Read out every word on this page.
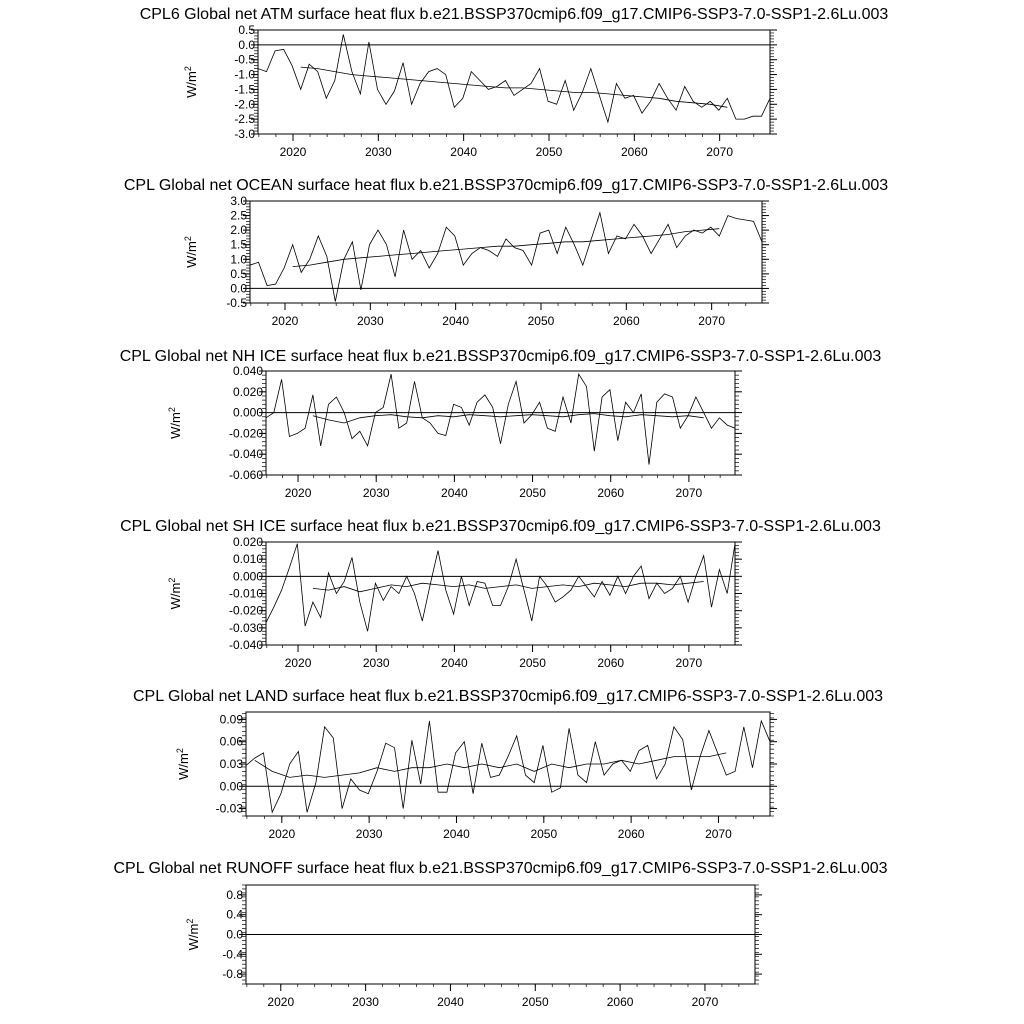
CPL6 Global net ATM surface heat flux b.e21.BSSP370cmip6.f09_g17.CMIP6-SSP3-7.0-SSP1-2.6Lu.003
0.5
0.0
-0.5
-1.0
-1.5
-2.0
-2.5
-3.0
2020	2030	2040	2050	2060	2070
$W/m^2$
CPL Global net OCEAN surface heat flux b.e21.BSSP370cmip6.f09_g17.CMIP6-SSP3-7.0-SSP1-2.6Lu.003
3.0
2.5
2.0
1.5
1.0
0.5
0.0
-0.5
2020	2030	2040	2050	2060	2070
$W/m^2$
CPL Global net NH ICE surface heat flux b.e21.BSSP370cmip6.f09_g17.CMIP6-SSP3-7.0-SSP1-2.6Lu.003
0.040
0.020
0.000
-0.020
-0.040
-0.060
2020	2030	2040	2050	2060	2070
$W/m^2$
CPL Global net SH ICE surface heat flux b.e21.BSSP370cmip6.f09_g17.CMIP6-SSP3-7.0-SSP1-2.6Lu.003
0.020
0.010
0.000
-0.010
-0.020
-0.030
-0.040
2020	2030	2040	2050	2060	2070
$W/m^2$
CPL Global net LAND surface heat flux b.e21.BSSP370cmip6.f09_g17.CMIP6-SSP3-7.0-SSP1-2.6Lu.003
0.09
0.06
0.03
0.00
-0.03
2020	2030	2040	2050	2060	2070
$W/m^2$
CPL Global net RUNOFF surface heat flux b.e21.BSSP370cmip6.f09_g17.CMIP6-SSP3-7.0-SSP1-2.6Lu.003
0.8
0.4
0.0
-0.4
-0.8
2020	2030	2040	2050	2060	2070
$W/m^2$
